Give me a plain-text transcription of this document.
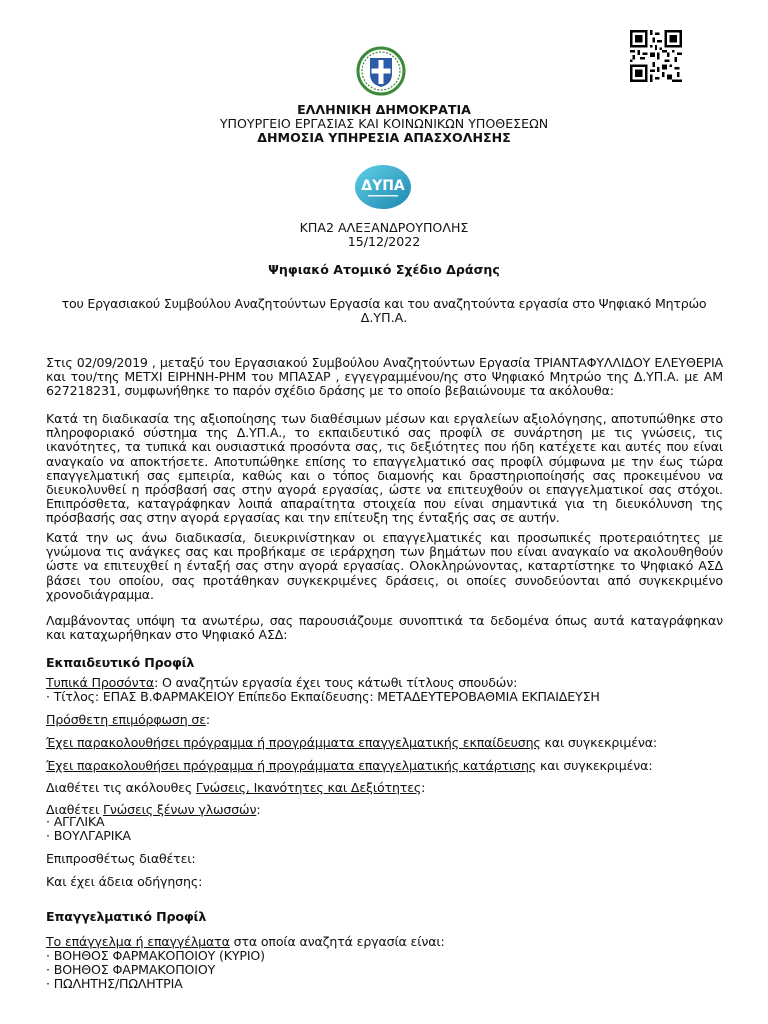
ΕΛΛΗΝΙΚΗ ΔΗΜΟΚΡΑΤΙΑ
ΥΠΟΥΡΓΕΙΟ ΕΡΓΑΣΙΑΣ ΚΑΙ ΚΟΙΝΩΝΙΚΩΝ ΥΠΟΘΕΣΕΩΝ
ΔΗΜΟΣΙΑ ΥΠΗΡΕΣΙΑ ΑΠΑΣΧΟΛΗΣΗΣ
ΔΥΠΑ
ΚΠΑ2 ΑΛΕΞΑΝΔΡΟΥΠΟΛΗΣ
15/12/2022
Ψηφιακό Ατομικό Σχέδιο Δράσης
του Εργασιακού Συμβούλου Αναζητούντων Εργασία και του αναζητούντα εργασία στο Ψηφιακό Μητρώο
Δ.ΥΠ.Α.
Στις 02/09/2019 , μεταξύ του Εργασιακού Συμβούλου Αναζητούντων Εργασία ΤΡΙΑΝΤΑΦΥΛΛΙΔΟΥ ΕΛΕΥΘΕΡΙΑ και του/της ΜΕΤΧΙ ΕΙΡΗΝΗ-ΡΗΜ του ΜΠΑΣΑΡ , εγγεγραμμένου/ης στο Ψηφιακό Μητρώο της Δ.ΥΠ.Α. με ΑΜ 627218231, συμφωνήθηκε το παρόν σχέδιο δράσης με το οποίο βεβαιώνουμε τα ακόλουθα:
Κατά τη διαδικασία της αξιοποίησης των διαθέσιμων μέσων και εργαλείων αξιολόγησης, αποτυπώθηκε στο πληροφοριακό σύστημα της Δ.ΥΠ.Α., το εκπαιδευτικό σας προφίλ σε συνάρτηση με τις γνώσεις, τις ικανότητες, τα τυπικά και ουσιαστικά προσόντα σας, τις δεξιότητες που ήδη κατέχετε και αυτές που είναι αναγκαίο να αποκτήσετε. Αποτυπώθηκε επίσης το επαγγελματικό σας προφίλ σύμφωνα με την έως τώρα επαγγελματική σας εμπειρία, καθώς και ο τόπος διαμονής και δραστηριοποίησής σας προκειμένου να διευκολυνθεί η πρόσβασή σας στην αγορά εργασίας, ώστε να επιτευχθούν οι επαγγελματικοί σας στόχοι. Επιπρόσθετα, καταγράφηκαν λοιπά απαραίτητα στοιχεία που είναι σημαντικά για τη διευκόλυνση της πρόσβασής σας στην αγορά εργασίας και την επίτευξη της ένταξής σας σε αυτήν.
Κατά την ως άνω διαδικασία, διευκρινίστηκαν οι επαγγελματικές και προσωπικές προτεραιότητες με γνώμονα τις ανάγκες σας και προβήκαμε σε ιεράρχηση των βημάτων που είναι αναγκαίο να ακολουθηθούν ώστε να επιτευχθεί η ένταξή σας στην αγορά εργασίας. Ολοκληρώνοντας, καταρτίστηκε το Ψηφιακό ΑΣΔ βάσει του οποίου, σας προτάθηκαν συγκεκριμένες δράσεις, οι οποίες συνοδεύονται από συγκεκριμένο χρονοδιάγραμμα.
Λαμβάνοντας υπόψη τα ανωτέρω, σας παρουσιάζουμε συνοπτικά τα δεδομένα όπως αυτά καταγράφηκαν και καταχωρήθηκαν στο Ψηφιακό ΑΣΔ:
Εκπαιδευτικό Προφίλ
Τυπικά Προσόντα: Ο αναζητών εργασία έχει τους κάτωθι τίτλους σπουδών:
· Τίτλος: ΕΠΑΣ Β.ΦΑΡΜΑΚΕΙΟΥ Επίπεδο Εκπαίδευσης: ΜΕΤΑΔΕΥΤΕΡΟΒΑΘΜΙΑ ΕΚΠΑΙΔΕΥΣΗ
Πρόσθετη επιμόρφωση σε:
Έχει παρακολουθήσει πρόγραμμα ή προγράμματα επαγγελματικής εκπαίδευσης και συγκεκριμένα:
Έχει παρακολουθήσει πρόγραμμα ή προγράμματα επαγγελματικής κατάρτισης και συγκεκριμένα:
Διαθέτει τις ακόλουθες Γνώσεις, Ικανότητες και Δεξιότητες:
Διαθέτει Γνώσεις ξένων γλωσσών:
· ΑΓΓΛΙΚΑ
· ΒΟΥΛΓΑΡΙΚΑ
Επιπροσθέτως διαθέτει:
Και έχει άδεια οδήγησης:
Επαγγελματικό Προφίλ
Το επάγγελμα ή επαγγέλματα στα οποία αναζητά εργασία είναι:
· ΒΟΗΘΟΣ ΦΑΡΜΑΚΟΠΟΙΟΥ (ΚΥΡΙΟ)
· ΒΟΗΘΟΣ ΦΑΡΜΑΚΟΠΟΙΟΥ
· ΠΩΛΗΤΗΣ/ΠΩΛΗΤΡΙΑ
